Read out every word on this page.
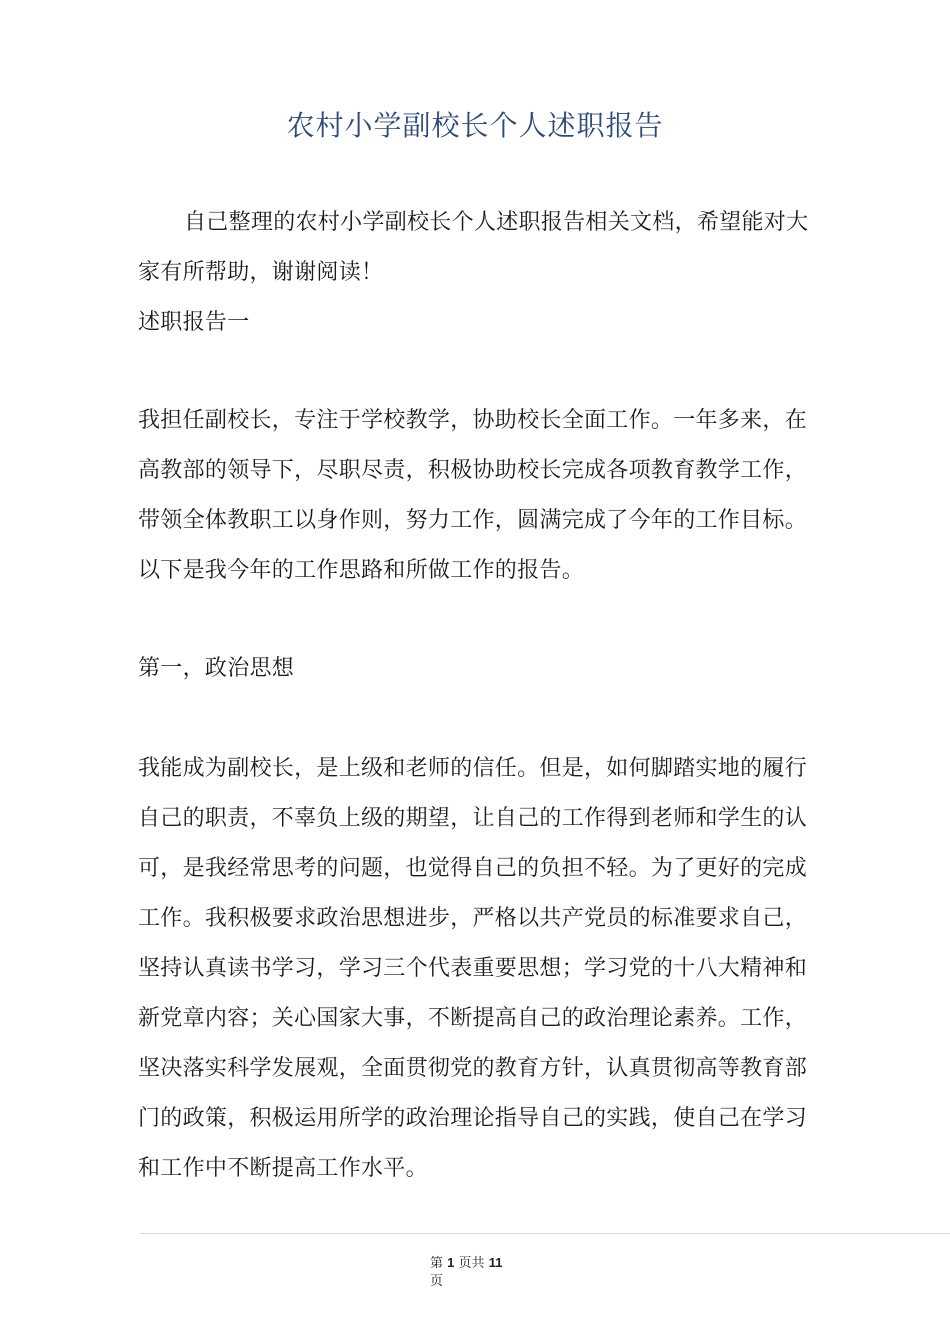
农村小学副校长个人述职报告
自己整理的农村小学副校长个人述职报告相关文档，希望能对大
家有所帮助，谢谢阅读！
述职报告一
我担任副校长，专注于学校教学，协助校长全面工作。一年多来，在
高教部的领导下，尽职尽责，积极协助校长完成各项教育教学工作，
带领全体教职工以身作则，努力工作，圆满完成了今年的工作目标。
以下是我今年的工作思路和所做工作的报告。
第一，政治思想
我能成为副校长，是上级和老师的信任。但是，如何脚踏实地的履行
自己的职责，不辜负上级的期望，让自己的工作得到老师和学生的认
可，是我经常思考的问题，也觉得自己的负担不轻。为了更好的完成
工作。我积极要求政治思想进步，严格以共产党员的标准要求自己，
坚持认真读书学习，学习三个代表重要思想；学习党的十八大精神和
新党章内容；关心国家大事，不断提高自己的政治理论素养。工作，
坚决落实科学发展观，全面贯彻党的教育方针，认真贯彻高等教育部
门的政策，积极运用所学的政治理论指导自己的实践，使自己在学习
和工作中不断提高工作水平。
第 1 页共 11
页
